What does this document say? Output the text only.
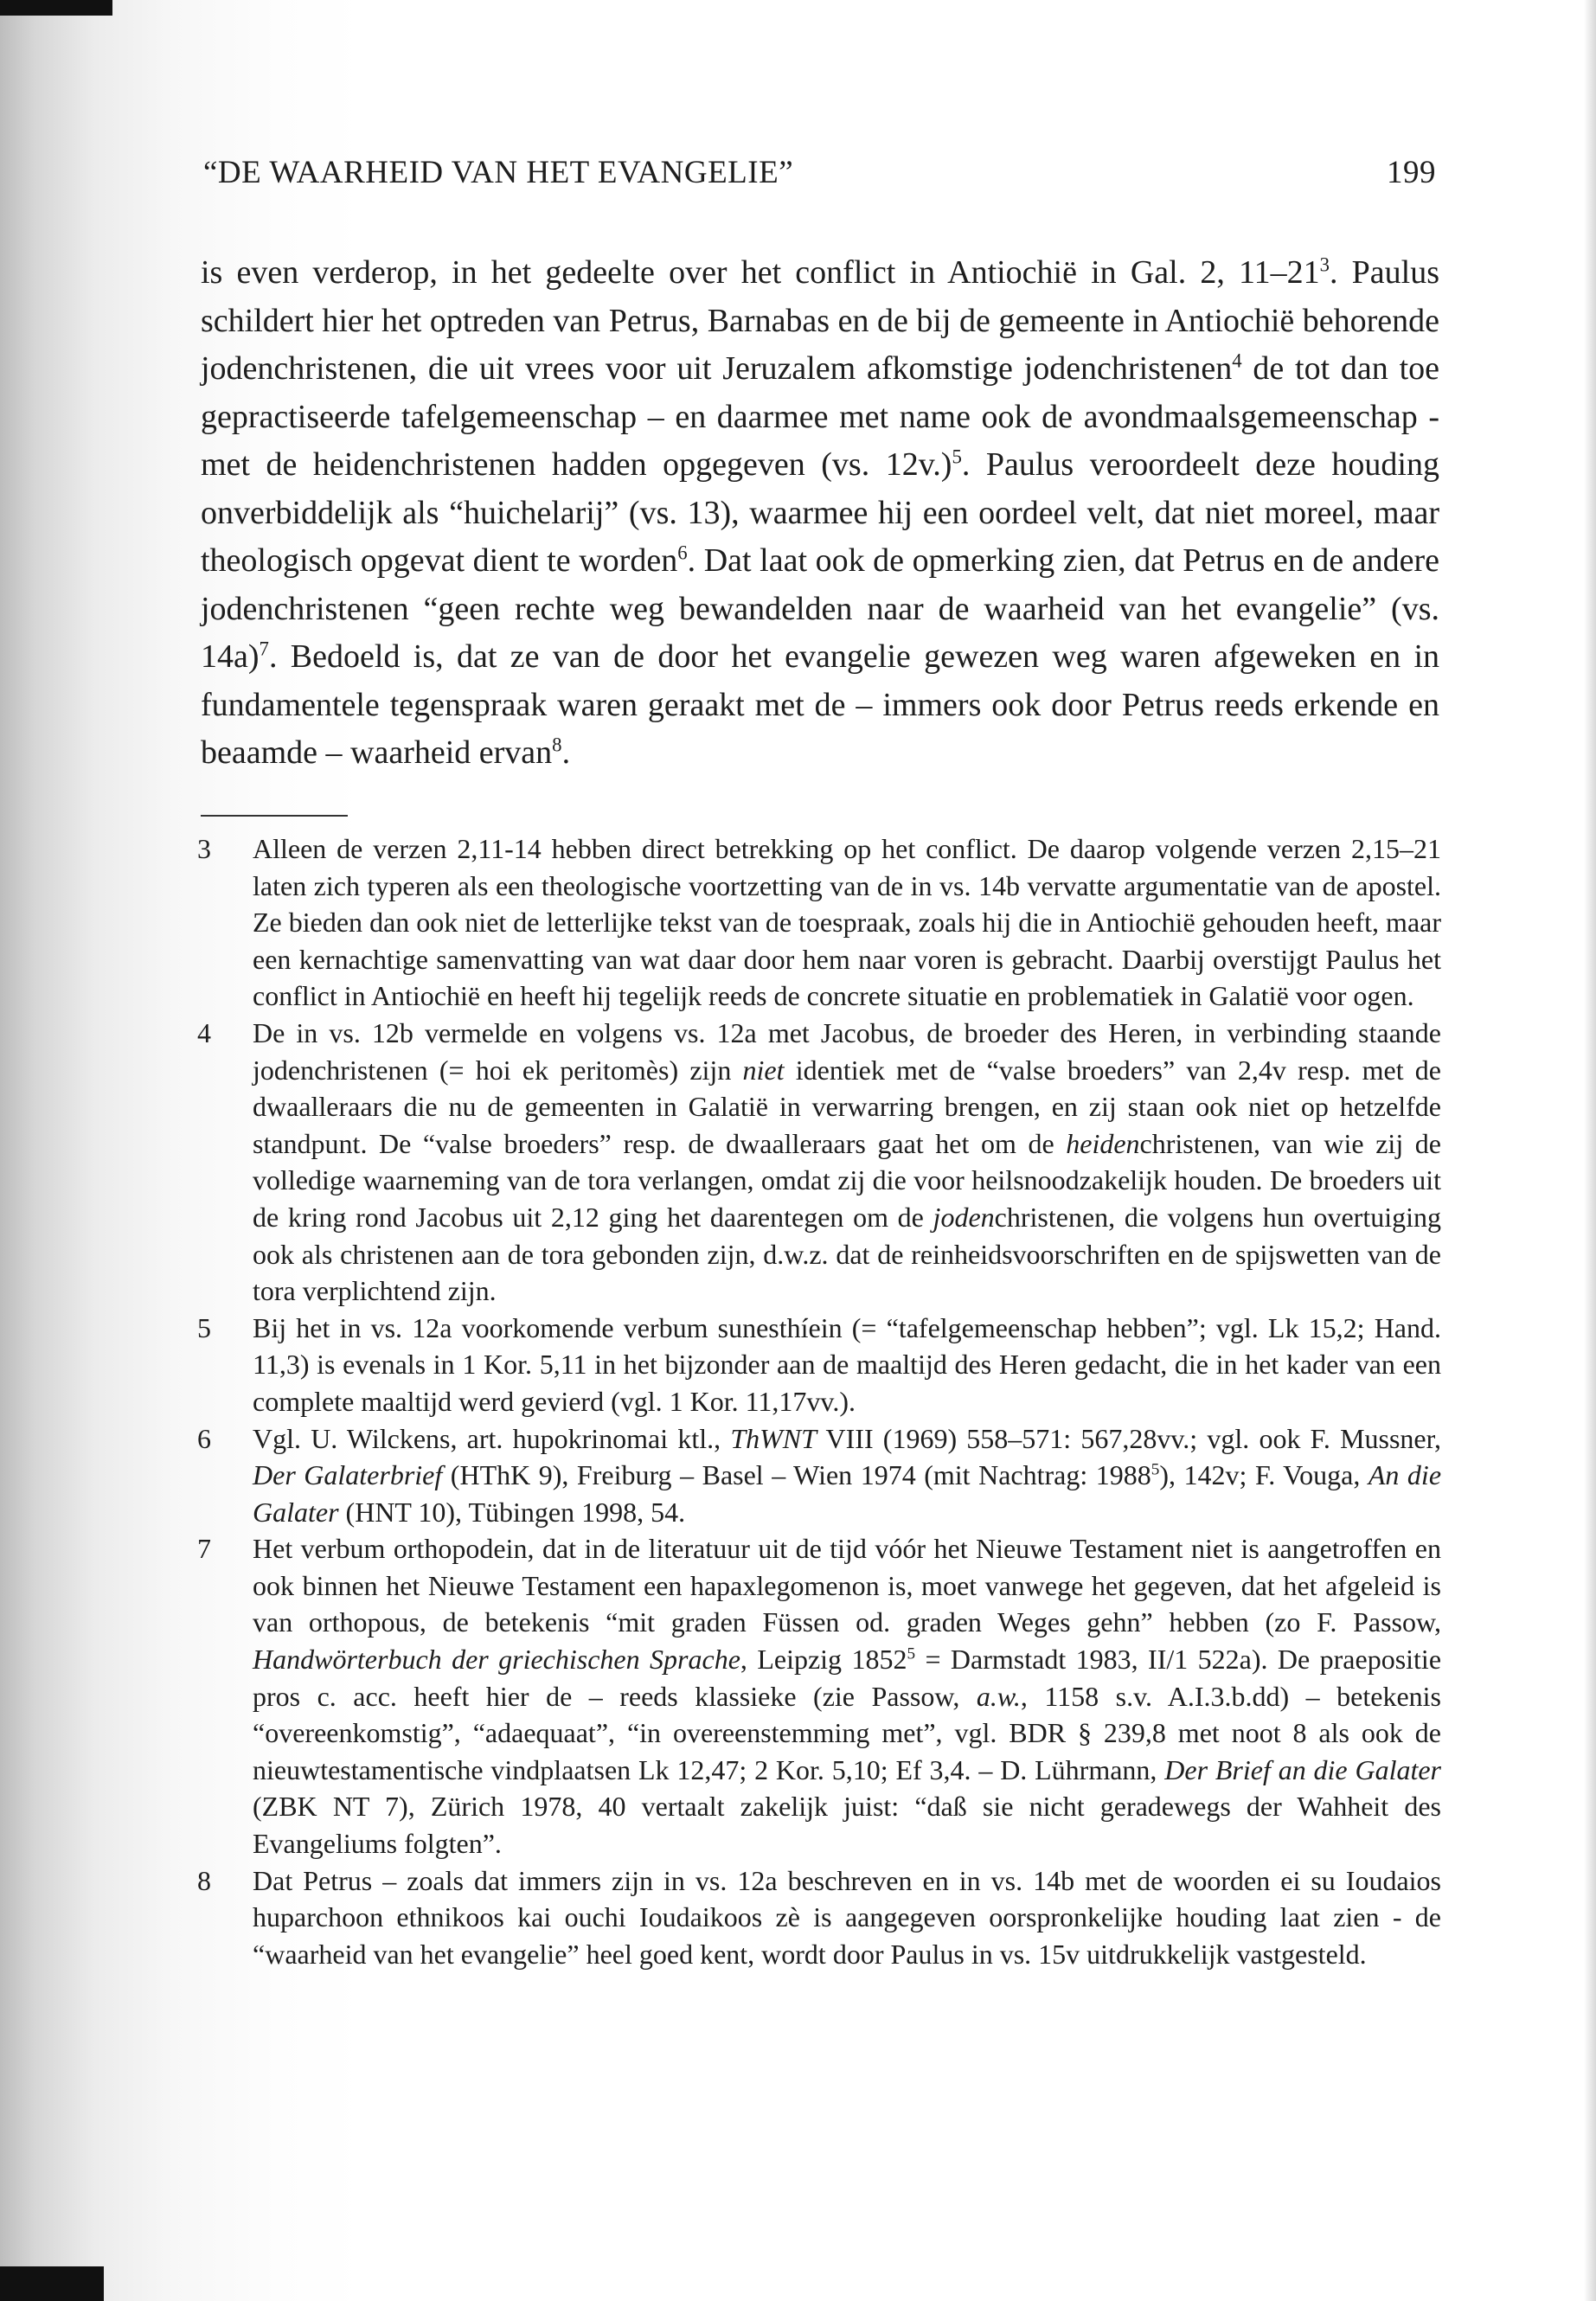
“DE WAARHEID VAN HET EVANGELIE”	199

is even verderop, in het gedeelte over het conflict in Antiochië in Gal. 2, $11-21^3$. Paulus schildert hier het optreden van Petrus, Barnabas en de bij de gemeente in Antiochië behorende jodenchristenen, die uit vrees voor uit Jeruzalem afkomstige jodenchristenen$^4$ de tot dan toe gepractiseerde tafelgemeenschap – en daarmee met name ook de avondmaalsgemeenschap - met de heidenchristenen hadden opgegeven (vs. 12v.)$^5$. Paulus veroordeelt deze houding onverbiddelijk als “huichelarij” (vs. 13), waarmee hij een oordeel velt, dat niet moreel, maar theologisch opgevat dient te worden$^6$. Dat laat ook de opmerking zien, dat Petrus en de andere jodenchristenen “geen rechte weg bewandelden naar de waarheid van het evangelie” (vs. 14a)$^7$. Bedoeld is, dat ze van de door het evangelie gewezen weg waren afgeweken en in fundamentele tegenspraak waren geraakt met de – immers ook door Petrus reeds erkende en beaamde – waarheid ervan$^8$.

3	Alleen de verzen 2,11-14 hebben direct betrekking op het conflict. De daarop volgende verzen 2,15–21 laten zich typeren als een theologische voortzetting van de in vs. 14b vervatte argumentatie van de apostel. Ze bieden dan ook niet de letterlijke tekst van de toespraak, zoals hij die in Antiochië gehouden heeft, maar een kernachtige samenvatting van wat daar door hem naar voren is gebracht. Daarbij overstijgt Paulus het conflict in Antiochië en heeft hij tegelijk reeds de concrete situatie en problematiek in Galatië voor ogen.
4	De in vs. 12b vermelde en volgens vs. 12a met Jacobus, de broeder des Heren, in verbinding staande jodenchristenen (= hoi ek peritomès) zijn niet identiek met de “valse broeders” van 2,4v resp. met de dwaalleraars die nu de gemeenten in Galatië in verwarring brengen, en zij staan ook niet op hetzelfde standpunt. De “valse broeders” resp. de dwaalleraars gaat het om de heidenchristenen, van wie zij de volledige waarneming van de tora verlangen, omdat zij die voor heilsnoodzakelijk houden. De broeders uit de kring rond Jacobus uit 2,12 ging het daarentegen om de jodenchristenen, die volgens hun overtuiging ook als christenen aan de tora gebonden zijn, d.w.z. dat de reinheidsvoorschriften en de spijswetten van de tora verplichtend zijn.
5	Bij het in vs. 12a voorkomende verbum sunesthíein (= “tafelgemeenschap hebben”; vgl. Lk 15,2; Hand. 11,3) is evenals in 1 Kor. 5,11 in het bijzonder aan de maaltijd des Heren gedacht, die in het kader van een complete maaltijd werd gevierd (vgl. 1 Kor. 11,17vv.).
6	Vgl. U. Wilckens, art. hupokrinomai ktl., ThWNT VIII (1969) 558–571: 567,28vv.; vgl. ook F. Mussner, Der Galaterbrief (HThK 9), Freiburg – Basel – Wien 1974 (mit Nachtrag: 1988$^5$), 142v; F. Vouga, An die Galater (HNT 10), Tübingen 1998, 54.
7	Het verbum orthopodein, dat in de literatuur uit de tijd vóór het Nieuwe Testament niet is aangetroffen en ook binnen het Nieuwe Testament een hapaxlegomenon is, moet vanwege het gegeven, dat het afgeleid is van orthopous, de betekenis “mit graden Füssen od. graden Weges gehn” hebben (zo F. Passow, Handwörterbuch der griechischen Sprache, Leipzig $1852^5$ = Darmstadt 1983, II/1 522a). De praepositie pros c. acc. heeft hier de – reeds klassieke (zie Passow, a.w., 1158 s.v. A.I.3.b.dd) – betekenis “overeenkomstig”, “adaequaat”, “in overeenstemming met”, vgl. BDR § 239,8 met noot 8 als ook de nieuwtestamentische vindplaatsen Lk 12,47; 2 Kor. 5,10; Ef 3,4. – D. Lührmann, Der Brief an die Galater (ZBK NT 7), Zürich 1978, 40 vertaalt zakelijk juist: “daß sie nicht geradewegs der Wahheit des Evangeliums folgten”.
8	Dat Petrus – zoals dat immers zijn in vs. 12a beschreven en in vs. 14b met de woorden ei su Ioudaios huparchoon ethnikoos kai ouchi Ioudaikoos zè is aangegeven oorspronkelijke houding laat zien - de “waarheid van het evangelie” heel goed kent, wordt door Paulus in vs. 15v uitdrukkelijk vastgesteld.
